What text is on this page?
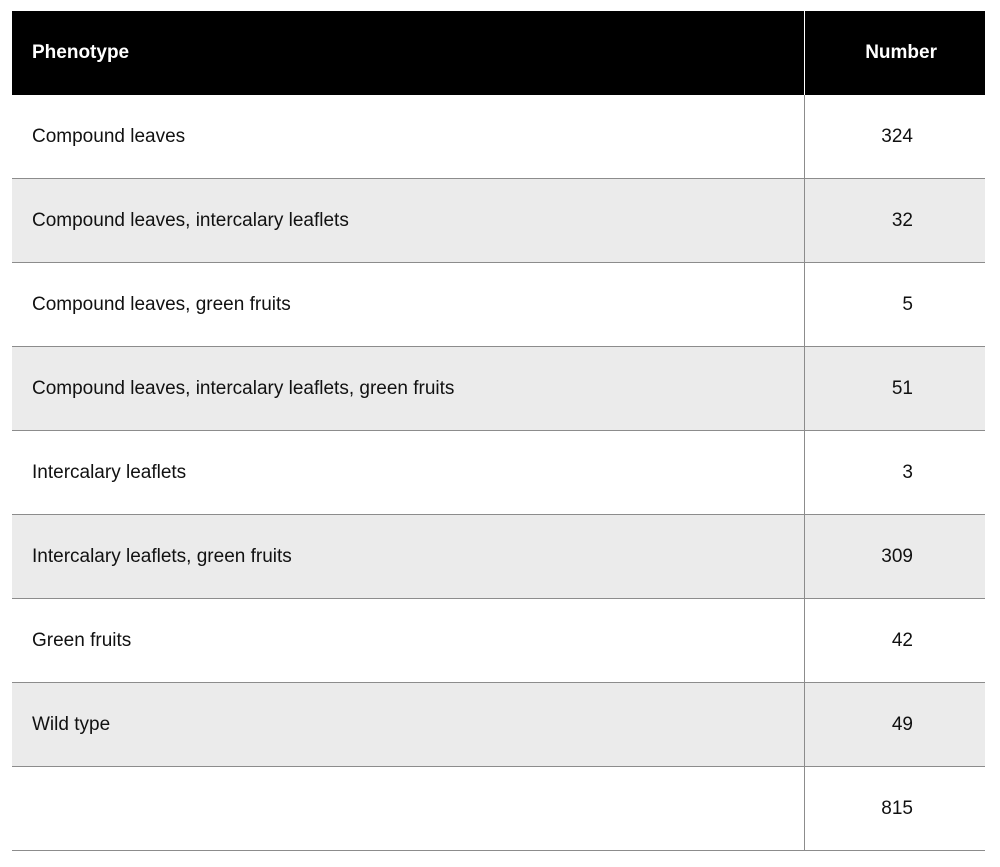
Phenotype	Number
Compound leaves	324
Compound leaves, intercalary leaflets	32
Compound leaves, green fruits	5
Compound leaves, intercalary leaflets, green fruits	51
Intercalary leaflets	3
Intercalary leaflets, green fruits	309
Green fruits	42
Wild type	49
	815
